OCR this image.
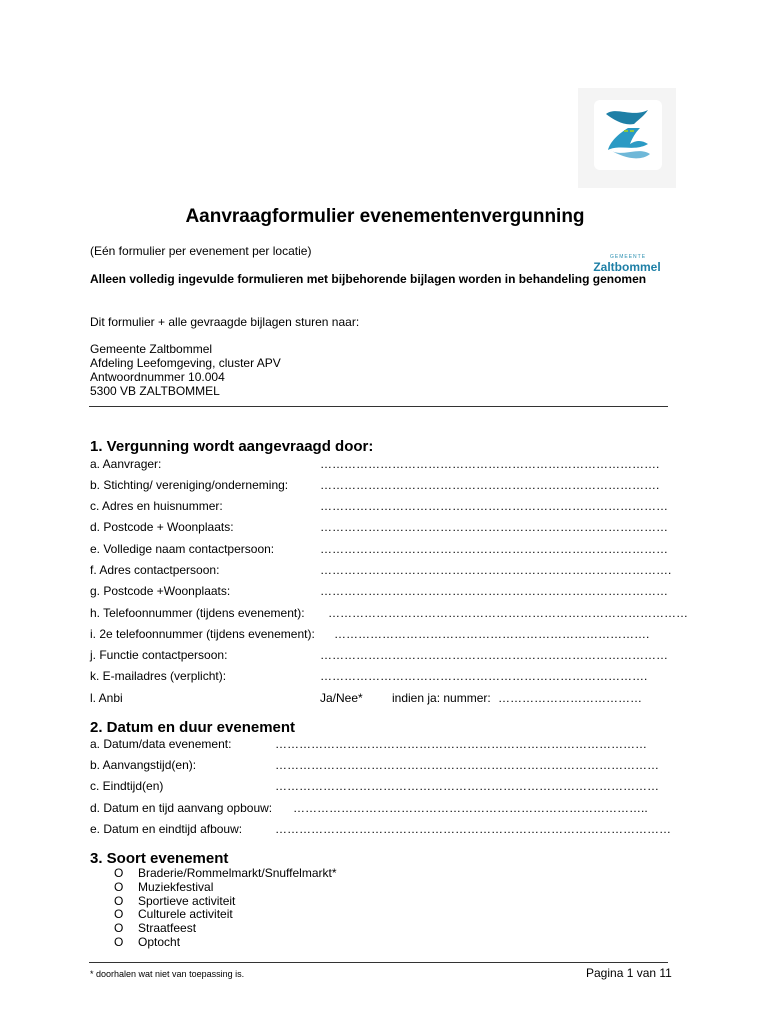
GEMEENTE
Zaltbommel
Aanvraagformulier evenementenvergunning
(Eén formulier per evenement per locatie)
Alleen volledig ingevulde formulieren met bijbehorende bijlagen worden in behandeling genomen
Dit formulier + alle gevraagde bijlagen sturen naar:
Gemeente Zaltbommel
Afdeling Leefomgeving, cluster APV
Antwoordnummer 10.004
5300 VB ZALTBOMMEL
1. Vergunning wordt aangevraagd door:
a. Aanvrager:	………………………………………………………………………….
b. Stichting/ vereniging/onderneming:	………………………………………………………………………….
c. Adres en huisnummer:	……………………………………………………………………………
d. Postcode + Woonplaats:	……………………………………………………………………………
e. Volledige naam contactpersoon:	……………………………………………………………………………
f. Adres contactpersoon:	…………………………………………………………………………….
g. Postcode +Woonplaats:	……………………………………………………………………………
h. Telefoonnummer (tijdens evenement): ………………………………………………………………………………
i. 2e telefoonnummer (tijdens evenement): …………………………………………………………………….
j. Functie contactpersoon:	……………………………………………………………………………
k. E-mailadres (verplicht):	……………………………………………………………………….
l. Anbi	Ja/Nee* indien ja: nummer: ………………………………
2. Datum en duur evenement
a. Datum/data evenement:	…………………………………………………………………………………
b. Aanvangstijd(en):	……………………………………………………………………………………
c. Eindtijd(en)	……………………………………………………………………………………
d. Datum en tijd aanvang opbouw: ……………………………………………………………………………..
e. Datum en eindtijd afbouw:	………………………………………………………………………………………
3. Soort evenement
O Braderie/Rommelmarkt/Snuffelmarkt*
O Muziekfestival
O Sportieve activiteit
O Culturele activiteit
O Straatfeest
O Optocht
* doorhalen wat niet van toepassing is.	Pagina 1 van 11
